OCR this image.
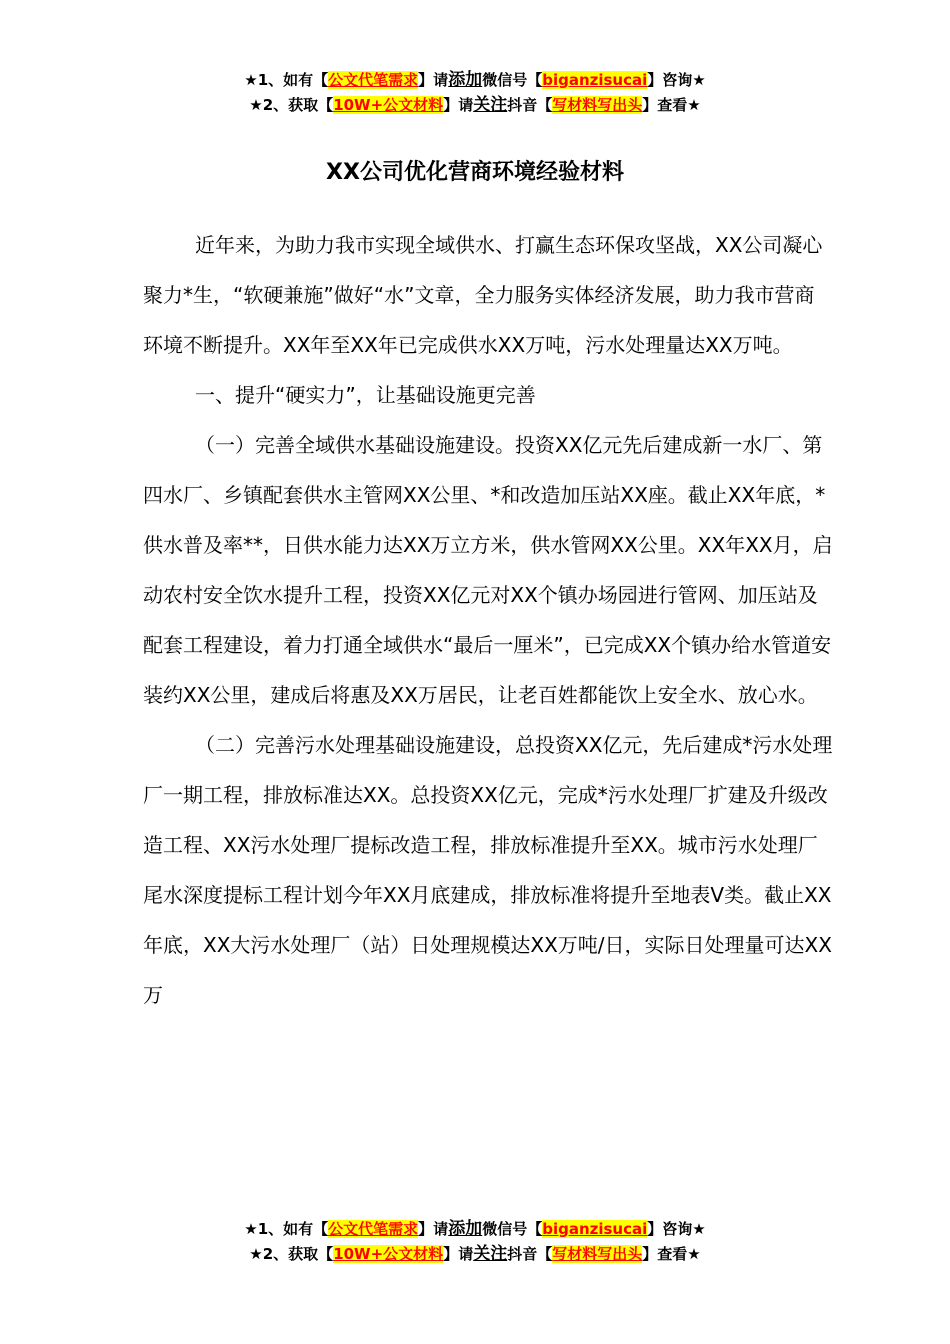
★1、如有【公文代笔需求】请添加微信号【biganzisucai】咨询★
★2、获取【10W+公文材料】请关注抖音【写材料写出头】查看★
XX公司优化营商环境经验材料

近年来，为助力我市实现全域供水、打赢生态环保攻坚战，XX公司凝心聚力*生，“软硬兼施”做好“水”文章，全力服务实体经济发展，助力我市营商环境不断提升。XX年至XX年已完成供水XX万吨，污水处理量达XX万吨。

一、提升“硬实力”，让基础设施更完善

（一）完善全域供水基础设施建设。投资XX亿元先后建成新一水厂、第四水厂、乡镇配套供水主管网XX公里、*和改造加压站XX座。截止XX年底，*供水普及率**，日供水能力达XX万立方米，供水管网XX公里。XX年XX月，启动农村安全饮水提升工程，投资XX亿元对XX个镇办场园进行管网、加压站及配套工程建设，着力打通全域供水“最后一厘米”，已完成XX个镇办给水管道安装约XX公里，建成后将惠及XX万居民，让老百姓都能饮上安全水、放心水。

（二）完善污水处理基础设施建设，总投资XX亿元，先后建成*污水处理厂一期工程，排放标准达XX。总投资XX亿元，完成*污水处理厂扩建及升级改造工程、XX污水处理厂提标改造工程，排放标准提升至XX。城市污水处理厂尾水深度提标工程计划今年XX月底建成，排放标准将提升至地表Ⅴ类。截止XX年底，XX大污水处理厂（站）日处理规模达XX万吨/日，实际日处理量可达XX万

★1、如有【公文代笔需求】请添加微信号【biganzisucai】咨询★
★2、获取【10W+公文材料】请关注抖音【写材料写出头】查看★
